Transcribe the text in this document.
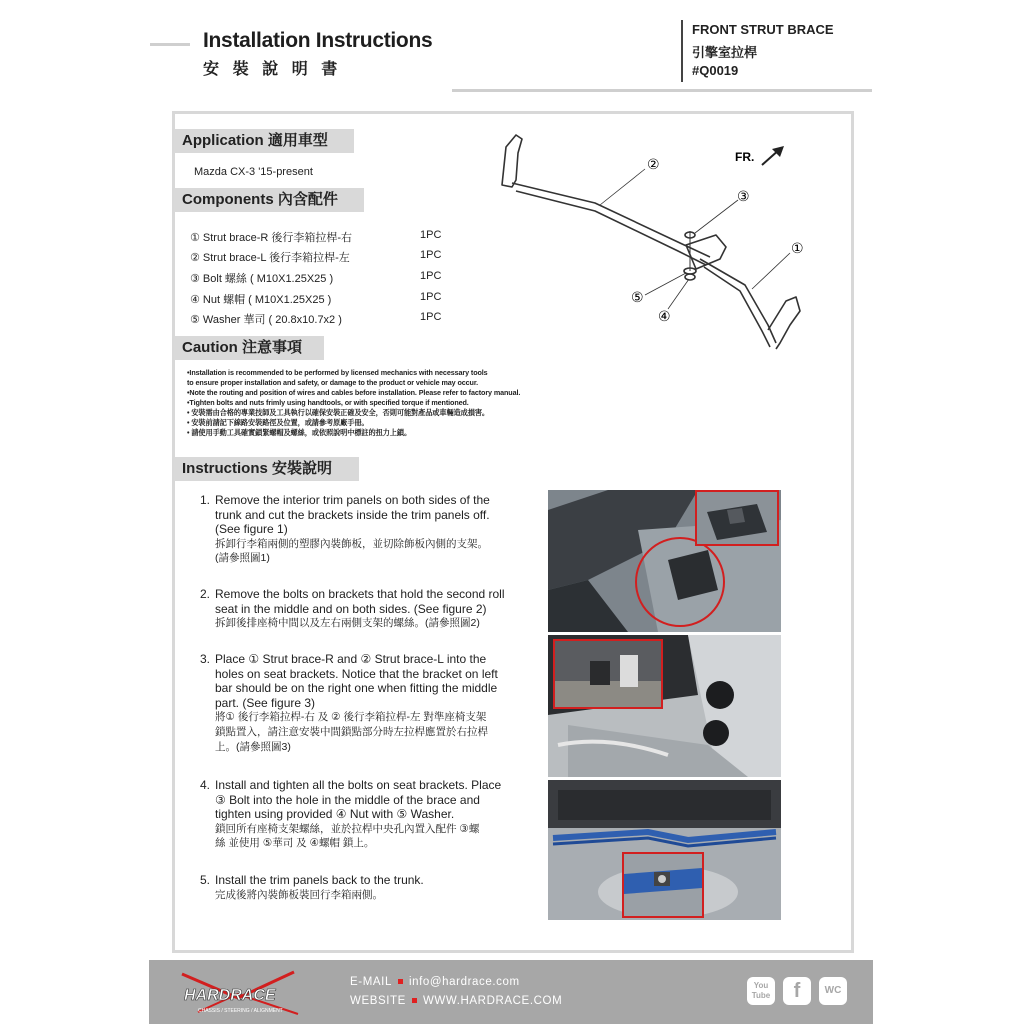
Installation Instructions
安 裝 說 明 書
FRONT STRUT BRACE
引擎室拉桿
#Q0019
Application 適用車型
Mazda CX-3 '15-present
Components 內含配件
① Strut brace-R 後行李箱拉桿-右	1PC
② Strut brace-L 後行李箱拉桿-左	1PC
③ Bolt 螺絲 ( M10X1.25X25 )	1PC
④ Nut 螺帽 ( M10X1.25X25 )	1PC
⑤ Washer 華司 ( 20.8x10.7x2 )	1PC
②
③
①
⑤
④
FR.
Caution 注意事項
•Installation is recommended to be performed by licensed mechanics with necessary tools
to ensure proper installation and safety, or damage to the product or vehicle may occur.
•Note the routing and position of wires and cables before installation. Please refer to factory manual.
•Tighten bolts and nuts frimly using handtools, or with specified torque if mentioned.
• 安裝需由合格的專業技師及工具執行以確保安裝正確及安全，否則可能對產品或車輛造成損害。
• 安裝前請記下線路安裝路徑及位置，或請參考原廠手冊。
• 請使用手動工具確實鎖緊螺帽及螺絲，或依照說明中標註的扭力上鎖。
Instructions 安裝說明
1. Remove the interior trim panels on both sides of the
trunk and cut the brackets inside the trim panels off.
(See figure 1)
拆卸行李箱兩側的塑膠內裝飾板，並切除飾板內側的支架。
(請參照圖1)
2. Remove the bolts on brackets that hold the second roll
seat in the middle and on both sides. (See figure 2)
拆卸後排座椅中間以及左右兩側支架的螺絲。(請參照圖2)
3. Place ① Strut brace-R and ② Strut brace-L into the
holes on seat brackets. Notice that the bracket on left
bar should be on the right one when fitting the middle
part. (See figure 3)
將① 後行李箱拉桿-右 及 ② 後行李箱拉桿-左 對準座椅支架
鎖點置入，請注意安裝中間鎖點部分時左拉桿應置於右拉桿
上。(請參照圖3)
4. Install and tighten all the bolts on seat brackets. Place
③ Bolt into the hole in the middle of the brace and
tighten using provided ④ Nut with ⑤ Washer.
鎖回所有座椅支架螺絲，並於拉桿中央孔內置入配件 ③螺
絲 並使用 ⑤華司 及 ④螺帽 鎖上。
5. Install the trim panels back to the trunk.
完成後將內裝飾板裝回行李箱兩側。
HARDRACE
CHASSIS / STEERING / ALIGNMENT
E-MAIL info@hardrace.com
WEBSITE WWW.HARDRACE.COM
You Tube	f	WC
